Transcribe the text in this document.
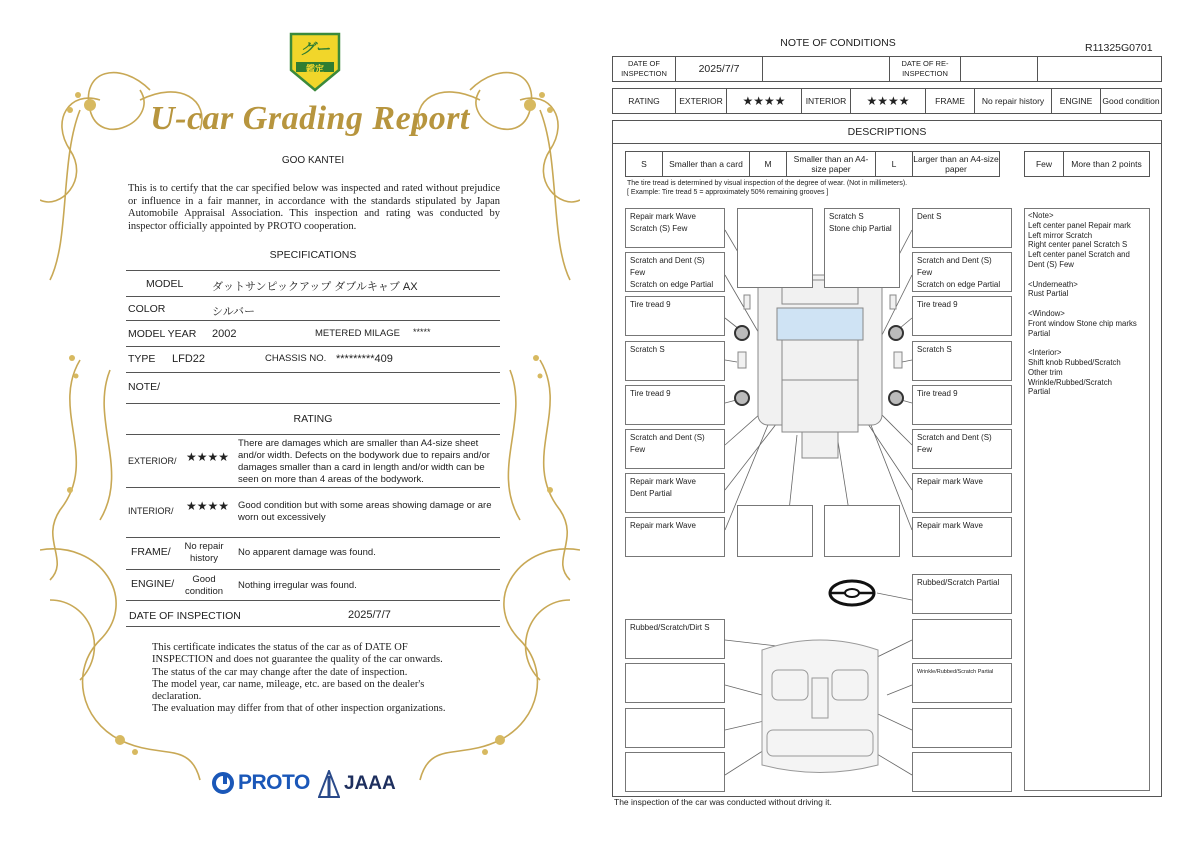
グー
鑑定
U-car Grading Report
GOO KANTEI
This is to certify that the car specified below was inspected and rated without prejudice or influence in a fair manner, in accordance with the standards stipulated by Japan Automobile Appraisal Association. This inspection and rating was conducted by inspector officially appointed by PROTO cooperation.
SPECIFICATIONS
MODEL	ダットサンピックアップ ダブルキャブ AX
COLOR	シルバー
MODEL YEAR 2002	METERED MILAGE *****
TYPE LFD22	CHASSIS NO. *********409
NOTE/
RATING
EXTERIOR/ ★★★★
There are damages which are smaller than A4-size sheet and/or width. Defects on the bodywork due to repairs and/or damages smaller than a card in length and/or width can be seen on more than 4 areas of the bodywork.
INTERIOR/ ★★★★ Good condition but with some areas showing damage or are worn out excessively
FRAME/	No repair history
No apparent damage was found.
ENGINE/	Good condition
Nothing irregular was found.
DATE OF INSPECTION	2025/7/7
This certificate indicates the status of the car as of DATE OF INSPECTION and does not guarantee the quality of the car onwards.
The status of the car may change after the date of inspection.
The model year, car name, mileage, etc. are based on the dealer's declaration.
The evaluation may differ from that of other inspection organizations.
PROTO JAAA
NOTE OF CONDITIONS	R11325G0701
DATE OF INSPECTION	2025/7/7	DATE OF RE-INSPECTION
RATING	EXTERIOR	★★★★	INTERIOR	★★★★	FRAME	No repair history	ENGINE	Good condition
DESCRIPTIONS
S	Smaller than a card	M	Smaller than an A4-size paper	L	Larger than an A4-size paper	Few	More than 2 points
The tire tread is determined by visual inspection of the degree of wear. (Not in millimeters).
[ Example: Tire tread 5 = approximately 50% remaining grooves ]
Repair mark Wave
Scratch (S) Few
Scratch and Dent (S) Few
Scratch on edge Partial
Tire tread 9
Scratch S
Tire tread 9
Scratch and Dent (S) Few
Repair mark Wave
Dent Partial
Repair mark Wave
Scratch S
Stone chip Partial
Dent S
Scratch and Dent (S) Few
Scratch on edge Partial
Tire tread 9
Scratch S
Tire tread 9
Scratch and Dent (S) Few
Repair mark Wave
Repair mark Wave
Rubbed/Scratch Partial
Rubbed/Scratch/Dirt S
Wrinkle/Rubbed/Scratch Partial
<Note>
Left center panel Repair mark
Left mirror Scratch
Right center panel Scratch S
Left center panel Scratch and
Dent (S) Few
<Underneath>
Rust Partial
<Window>
Front window Stone chip marks
Partial
<Interior>
Shift knob Rubbed/Scratch
Other trim
Wrinkle/Rubbed/Scratch
Partial
The inspection of the car was conducted without driving it.
